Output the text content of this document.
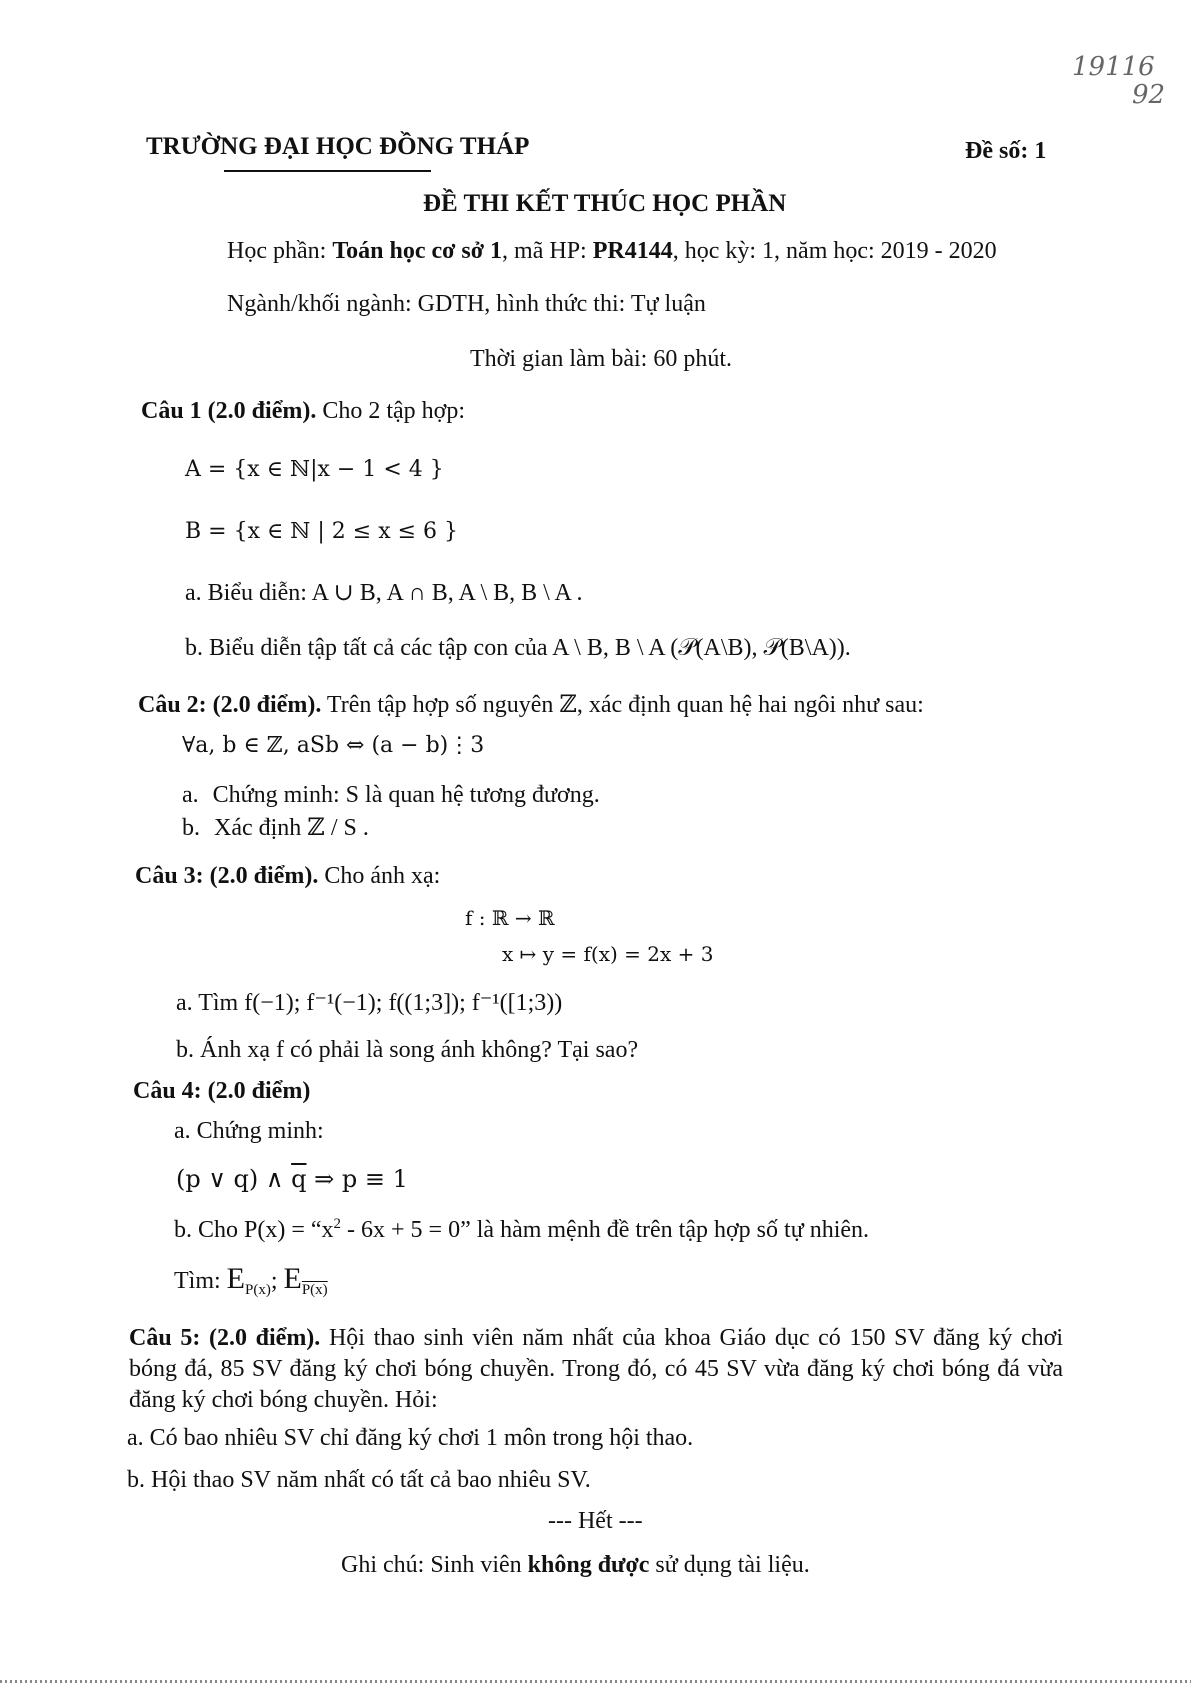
19116
92
TRƯỜNG ĐẠI HỌC ĐỒNG THÁP	Đề số: 1
ĐỀ THI KẾT THÚC HỌC PHẦN
Học phần: Toán học cơ sở 1, mã HP: PR4144, học kỳ: 1, năm học: 2019 - 2020
Ngành/khối ngành: GDTH, hình thức thi: Tự luận
Thời gian làm bài: 60 phút.
Câu 1 (2.0 điểm). Cho 2 tập hợp:
A = {x ∈ ℕ|x − 1 < 4 }
B = {x ∈ ℕ | 2 ≤ x ≤ 6 }
a. Biểu diễn: A ∪ B, A ∩ B, A \ B, B \ A .
b. Biểu diễn tập tất cả các tập con của A \ B, B \ A (𝒫(A\B), 𝒫(B\A)).
Câu 2: (2.0 điểm). Trên tập hợp số nguyên ℤ, xác định quan hệ hai ngôi như sau:
∀a, b ∈ ℤ, aSb ⇔ (a − b)⋮3
a. Chứng minh: S là quan hệ tương đương.
b. Xác định ℤ / S .
Câu 3: (2.0 điểm). Cho ánh xạ:
f : ℝ → ℝ
x ↦ y = f(x) = 2x + 3
a. Tìm f(−1); f⁻¹(−1); f((1;3]); f⁻¹([1;3))
b. Ánh xạ f có phải là song ánh không? Tại sao?
Câu 4: (2.0 điểm)
a. Chứng minh:
(p ∨ q) ∧ $\overline{q}$ ⇒ p ≡ 1
b. Cho $P(x) = “x^2 - 6x + 5 = 0$” là hàm mệnh đề trên tập hợp số tự nhiên.
Tìm: $E_{P(x)}$; $E_{P(x)}$
Câu 5: (2.0 điểm). Hội thao sinh viên năm nhất của khoa Giáo dục có 150 SV đăng ký chơi bóng đá, 85 SV đăng ký chơi bóng chuyền. Trong đó, có 45 SV vừa đăng ký chơi bóng đá vừa đăng ký chơi bóng chuyền. Hỏi:
a. Có bao nhiêu SV chỉ đăng ký chơi 1 môn trong hội thao.
b. Hội thao SV năm nhất có tất cả bao nhiêu SV.
--- Hết ---
Ghi chú: Sinh viên không được sử dụng tài liệu.
